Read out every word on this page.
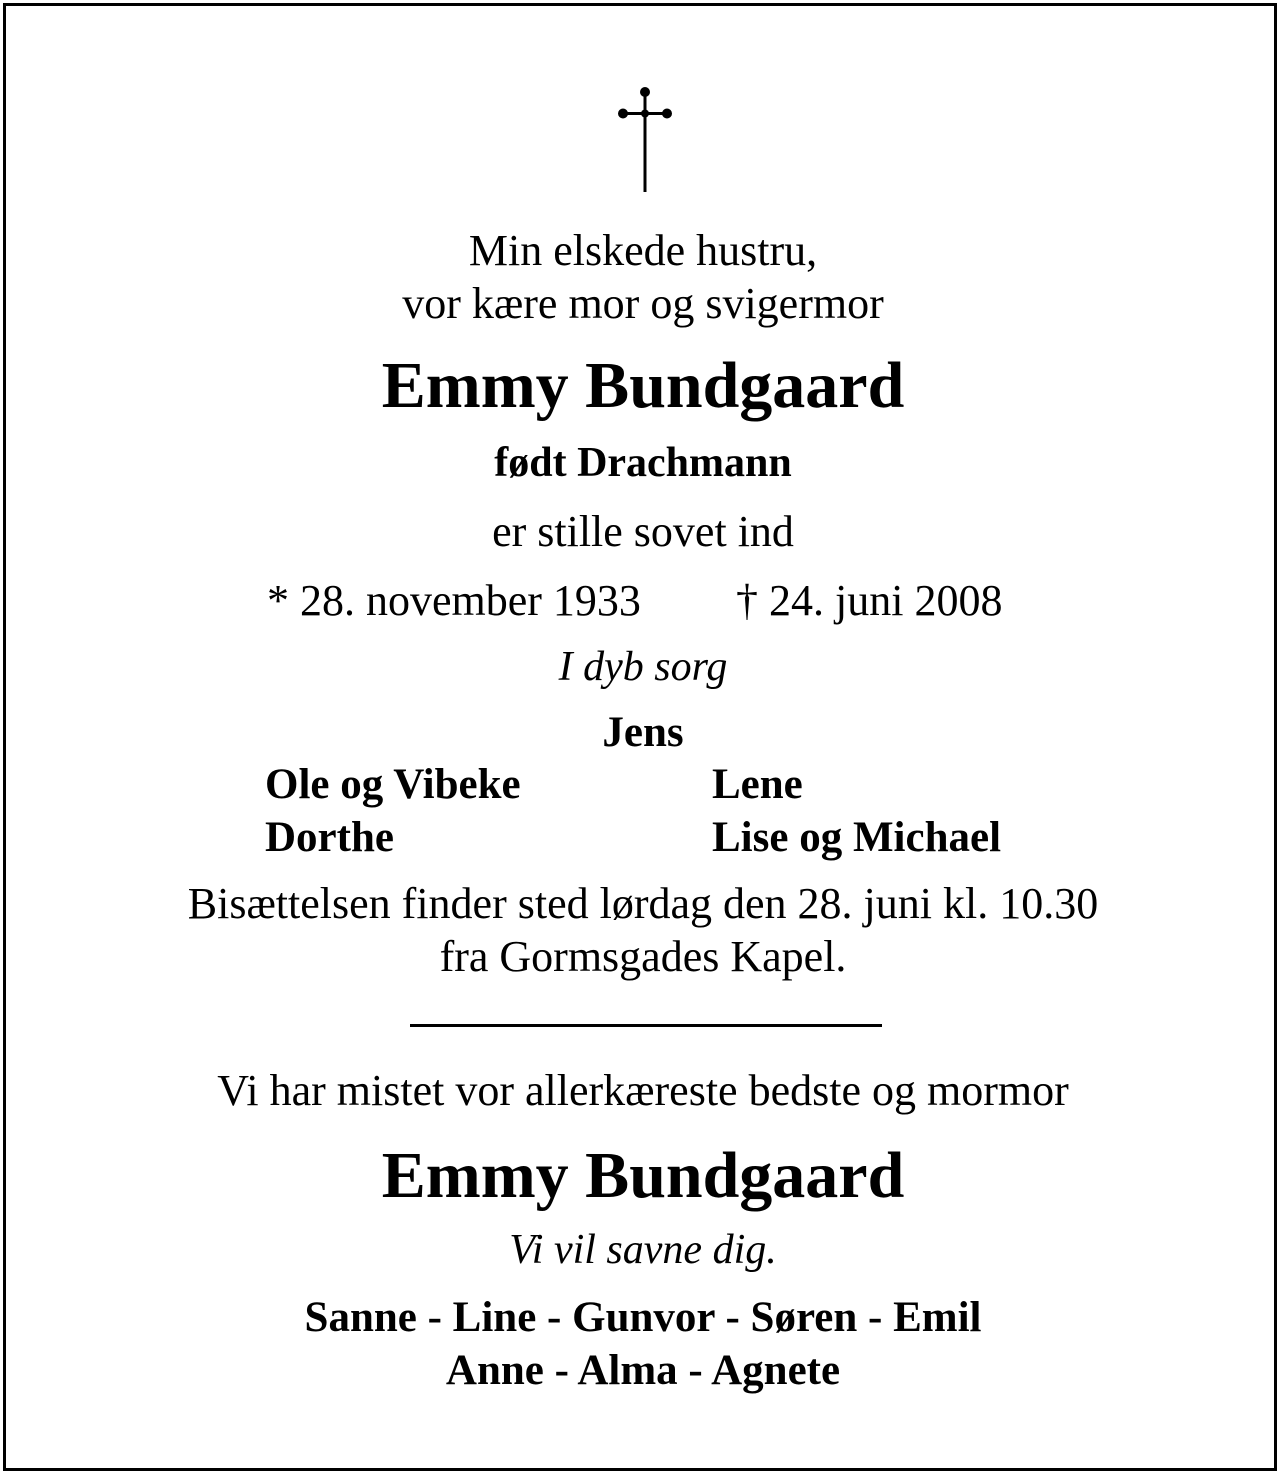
Min elskede hustru,
vor kære mor og svigermor
Emmy Bundgaard
født Drachmann
er stille sovet ind
* 28. november 1933 † 24. juni 2008
I dyb sorg
Jens
Ole og Vibeke
Dorthe
Lene
Lise og Michael
Bisættelsen finder sted lørdag den 28. juni kl. 10.30
fra Gormsgades Kapel.
Vi har mistet vor allerkæreste bedste og mormor
Emmy Bundgaard
Vi vil savne dig.
Sanne - Line - Gunvor - Søren - Emil
Anne - Alma - Agnete
